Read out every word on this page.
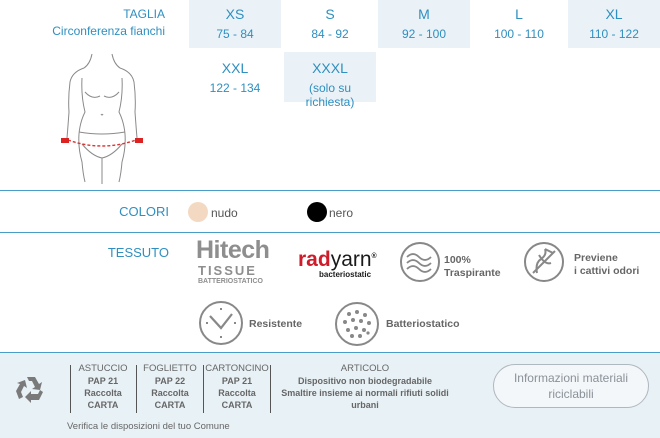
TAGLIA
Circonferenza fianchi
XS
75 - 84
S
84 - 92
M
92 - 100
L
100 - 110
XL
110 - 122
XXL
122 - 134
XXXL
(solo su richiesta)
COLORI	nudo	nero
TESSUTO Hitech
TISSUE
BATTERIOSTATICO
radyarn®
bacteriostatic
100%
Traspirante
Previene
i cattivi odori
Resistente	Batteriostatico
ASTUCCIO
PAP 21
Raccolta
CARTA
FOGLIETTO
PAP 22
Raccolta
CARTA
CARTONCINO
PAP 21
Raccolta
CARTA
ARTICOLO
Dispositivo non biodegradabile
Smaltire insieme ai normali rifiuti solidi
urbani
Informazioni materiali riciclabili
Verifica le disposizioni del tuo Comune
